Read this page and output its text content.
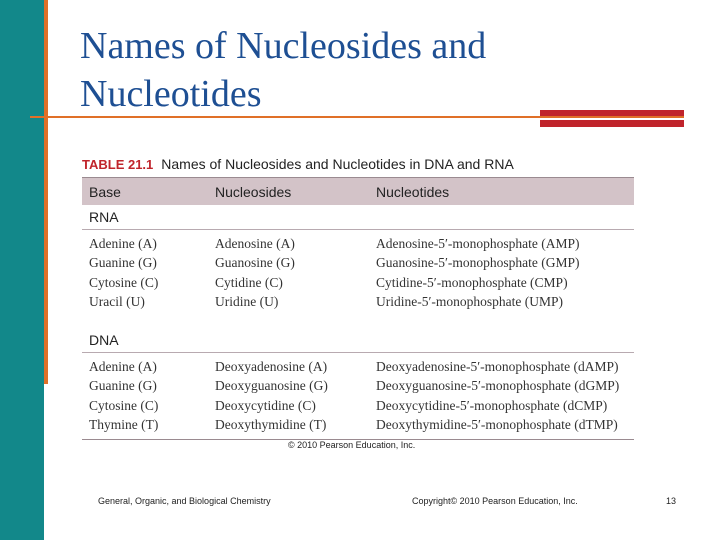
Names of Nucleosides and Nucleotides
TABLE 21.1 Names of Nucleosides and Nucleotides in DNA and RNA
Base	Nucleosides	Nucleotides
RNA
Adenine (A)	Adenosine (A)	Adenosine-5′-monophosphate (AMP)
Guanine (G)	Guanosine (G)	Guanosine-5′-monophosphate (GMP)
Cytosine (C)	Cytidine (C)	Cytidine-5′-monophosphate (CMP)
Uracil (U)	Uridine (U)	Uridine-5′-monophosphate (UMP)
DNA
Adenine (A)	Deoxyadenosine (A)	Deoxyadenosine-5′-monophosphate (dAMP)
Guanine (G)	Deoxyguanosine (G)	Deoxyguanosine-5′-monophosphate (dGMP)
Cytosine (C)	Deoxycytidine (C)	Deoxycytidine-5′-monophosphate (dCMP)
Thymine (T)	Deoxythymidine (T)	Deoxythymidine-5′-monophosphate (dTMP)
© 2010 Pearson Education, Inc.
General, Organic, and Biological Chemistry	Copyright© 2010 Pearson Education, Inc.	13
